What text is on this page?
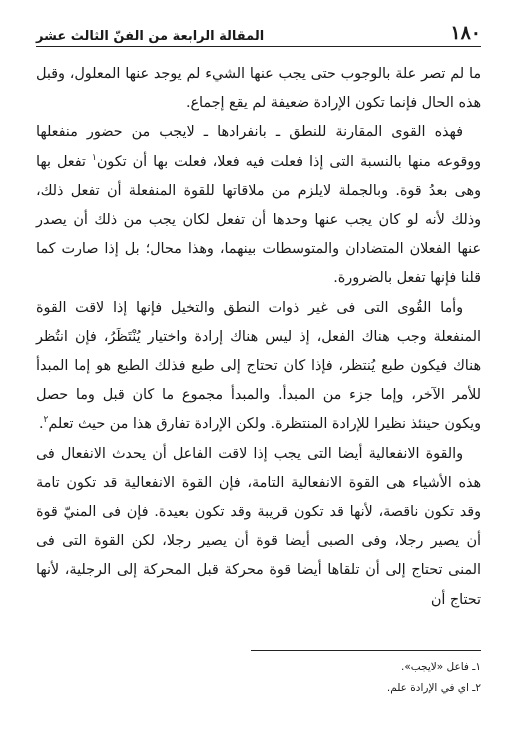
١٨٠
المقالة الرابعة من الفنّ الثالث عشر

ما لم تصر علة بالوجوب حتى يجب عنها الشيء لم يوجد عنها المعلول، وقبل هذه الحال فإنما تكون الإرادة ضعيفة لم يقع إجماع.

فهذه القوى المقارنة للنطق ـ بانفرادها ـ لايجب من حضور منفعلها ووقوعه منها بالنسبة التى إذا فعلت فيه فعلا، فعلت بها أن تكون$^١$ تفعل بها وهى بعدُ قوة. وبالجملة لايلزم من ملاقاتها للقوة المنفعلة أن تفعل ذلك، وذلك لأنه لو كان يجب عنها وحدها أن تفعل لكان يجب من ذلك أن يصدر عنها الفعلان المتضادان والمتوسطات بينهما، وهذا محال؛ بل إذا صارت كما قلنا فإنها تفعل بالضرورة.

وأما القُوى التى فى غير ذوات النطق والتخيل فإنها إذا لاقت القوة المنفعلة وجب هناك الفعل، إذ ليس هناك إرادة واختيار يُنْتَظَرُ، فإن انتُظر هناك فيكون طبع يُنتظر، فإذا كان تحتاج إلى طبع فذلك الطبع هو إما المبدأ للأمر الآخر، وإما جزء من المبدأ. والمبدأ مجموع ما كان قبل وما حصل ويكون حينئذ نظيرا للإرادة المنتظرة. ولكن الإرادة تفارق هذا من حيث تعلم$^٢$.

والقوة الانفعالية أيضا التى يجب إذا لاقت الفاعل أن يحدث الانفعال فى هذه الأشياء هى القوة الانفعالية التامة، فإن القوة الانفعالية قد تكون تامة وقد تكون ناقصة، لأنها قد تكون قريبة وقد تكون بعيدة. فإن فى المنيّ قوة أن يصير رجلا، وفى الصبى أيضا قوة أن يصير رجلا، لكن القوة التى فى المنى تحتاج إلى أن تلقاها أيضا قوة محركة قبل المحركة إلى الرجلية، لأنها تحتاج أن

١ـ فاعل «لايجب».

٢ـ اي في الإرادة علم.
